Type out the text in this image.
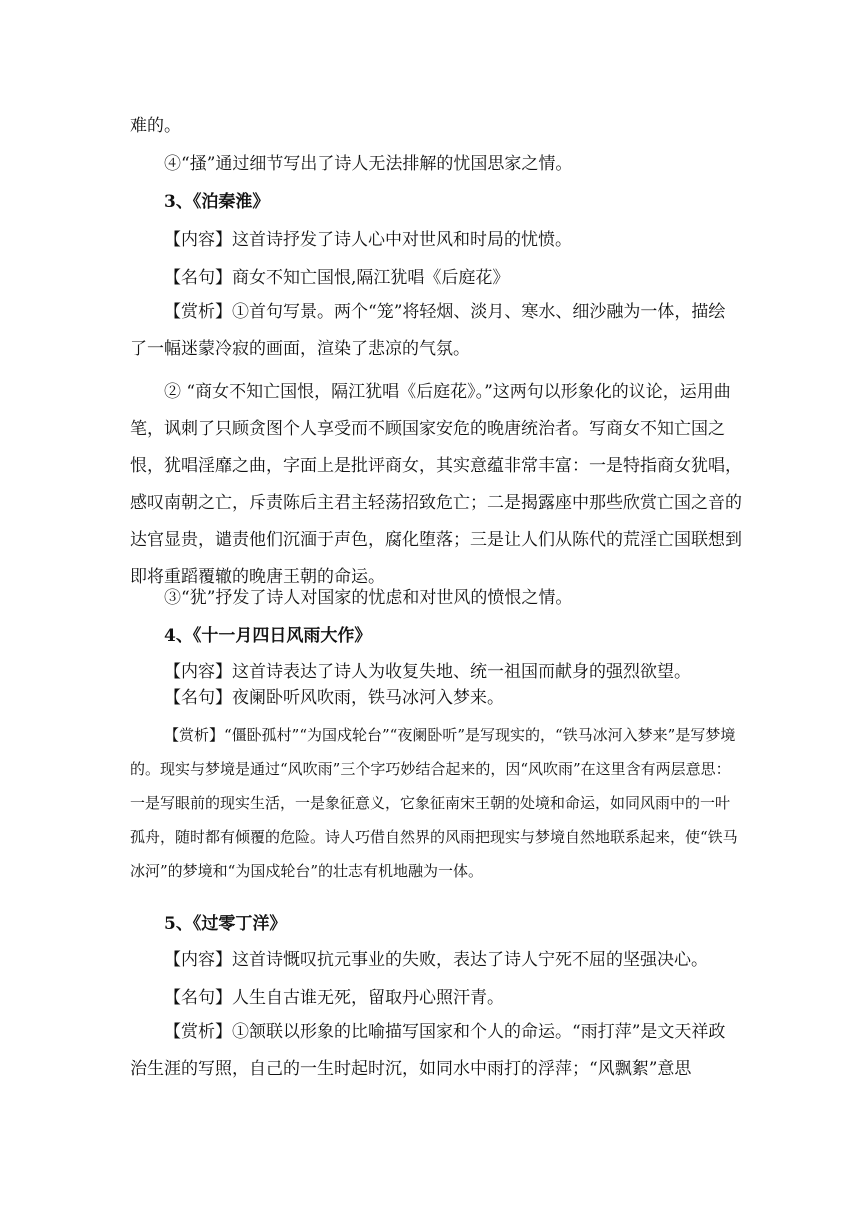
难的。

④“搔”通过细节写出了诗人无法排解的忧国思家之情。

3、《泊秦淮》

【内容】这首诗抒发了诗人心中对世风和时局的忧愤。

【名句】商女不知亡国恨,隔江犹唱《后庭花》

【赏析】①首句写景。两个“笼”将轻烟、淡月、寒水、细沙融为一体，描绘了一幅迷蒙冷寂的画面，渲染了悲凉的气氛。

② “商女不知亡国恨，隔江犹唱《后庭花》。”这两句以形象化的议论，运用曲笔，讽刺了只顾贪图个人享受而不顾国家安危的晚唐统治者。写商女不知亡国之恨，犹唱淫靡之曲，字面上是批评商女，其实意蕴非常丰富：一是特指商女犹唱，感叹南朝之亡，斥责陈后主君主轻荡招致危亡；二是揭露座中那些欣赏亡国之音的达官显贵，谴责他们沉湎于声色，腐化堕落；三是让人们从陈代的荒淫亡国联想到即将重蹈覆辙的晚唐王朝的命运。

③“犹”抒发了诗人对国家的忧虑和对世风的愤恨之情。

4、《十一月四日风雨大作》

【内容】这首诗表达了诗人为收复失地、统一祖国而献身的强烈欲望。

【名句】夜阑卧听风吹雨，铁马冰河入梦来。

【赏析】“僵卧孤村”“为国戍轮台”“夜阑卧听”是写现实的，“铁马冰河入梦来”是写梦境的。现实与梦境是通过“风吹雨”三个字巧妙结合起来的，因“风吹雨”在这里含有两层意思：一是写眼前的现实生活，一是象征意义，它象征南宋王朝的处境和命运，如同风雨中的一叶孤舟，随时都有倾覆的危险。诗人巧借自然界的风雨把现实与梦境自然地联系起来，使“铁马冰河”的梦境和“为国戍轮台”的壮志有机地融为一体。

5、《过零丁洋》

【内容】这首诗慨叹抗元事业的失败，表达了诗人宁死不屈的坚强决心。

【名句】人生自古谁无死，留取丹心照汗青。

【赏析】①颔联以形象的比喻描写国家和个人的命运。“雨打萍”是文天祥政治生涯的写照，自己的一生时起时沉，如同水中雨打的浮萍；“风飘絮”意思
